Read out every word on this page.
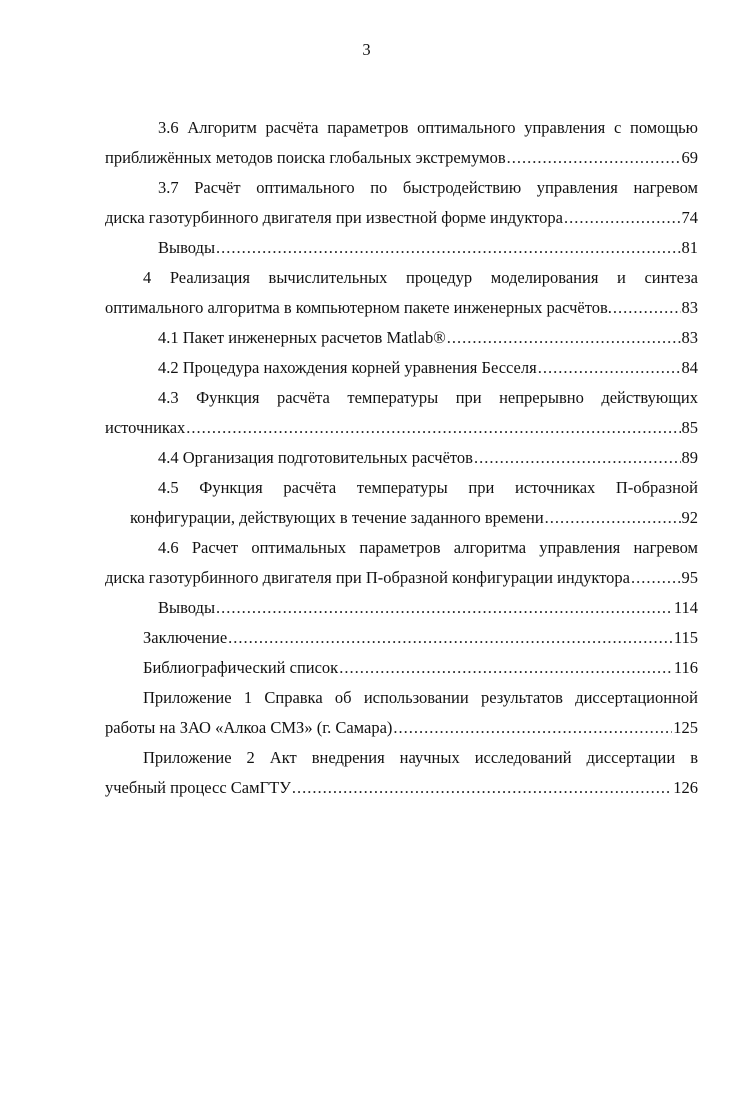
3
3.6 Алгоритм расчёта параметров оптимального управления с помощью
приближённых методов поиска глобальных экстремумов .....	69
3.7 Расчёт оптимального по быстродействию управления нагревом
диска газотурбинного двигателя при известной форме индуктора .....	74
Выводы .....	81
4 Реализация вычислительных процедур моделирования и синтеза
оптимального алгоритма в компьютерном пакете инженерных расчётов. .....	83
4.1 Пакет инженерных расчетов Matlab® .....	83
4.2 Процедура нахождения корней уравнения Бесселя .....	84
4.3 Функция расчёта температуры при непрерывно действующих
источниках .....	85
4.4 Организация подготовительных расчётов .....	89
4.5 Функция расчёта температуры при источниках П-образной
конфигурации, действующих в течение заданного времени .....	92
4.6 Расчет оптимальных параметров алгоритма управления нагревом
диска газотурбинного двигателя при П-образной конфигурации индуктора .....	95
Выводы .....	114
Заключение .....	115
Библиографический список .....	116
Приложение 1 Справка об использовании результатов диссертационной
работы на ЗАО «Алкоа СМЗ» (г. Самара) .....	125
Приложение 2 Акт внедрения научных исследований диссертации в
учебный процесс СамГТУ .....	126
